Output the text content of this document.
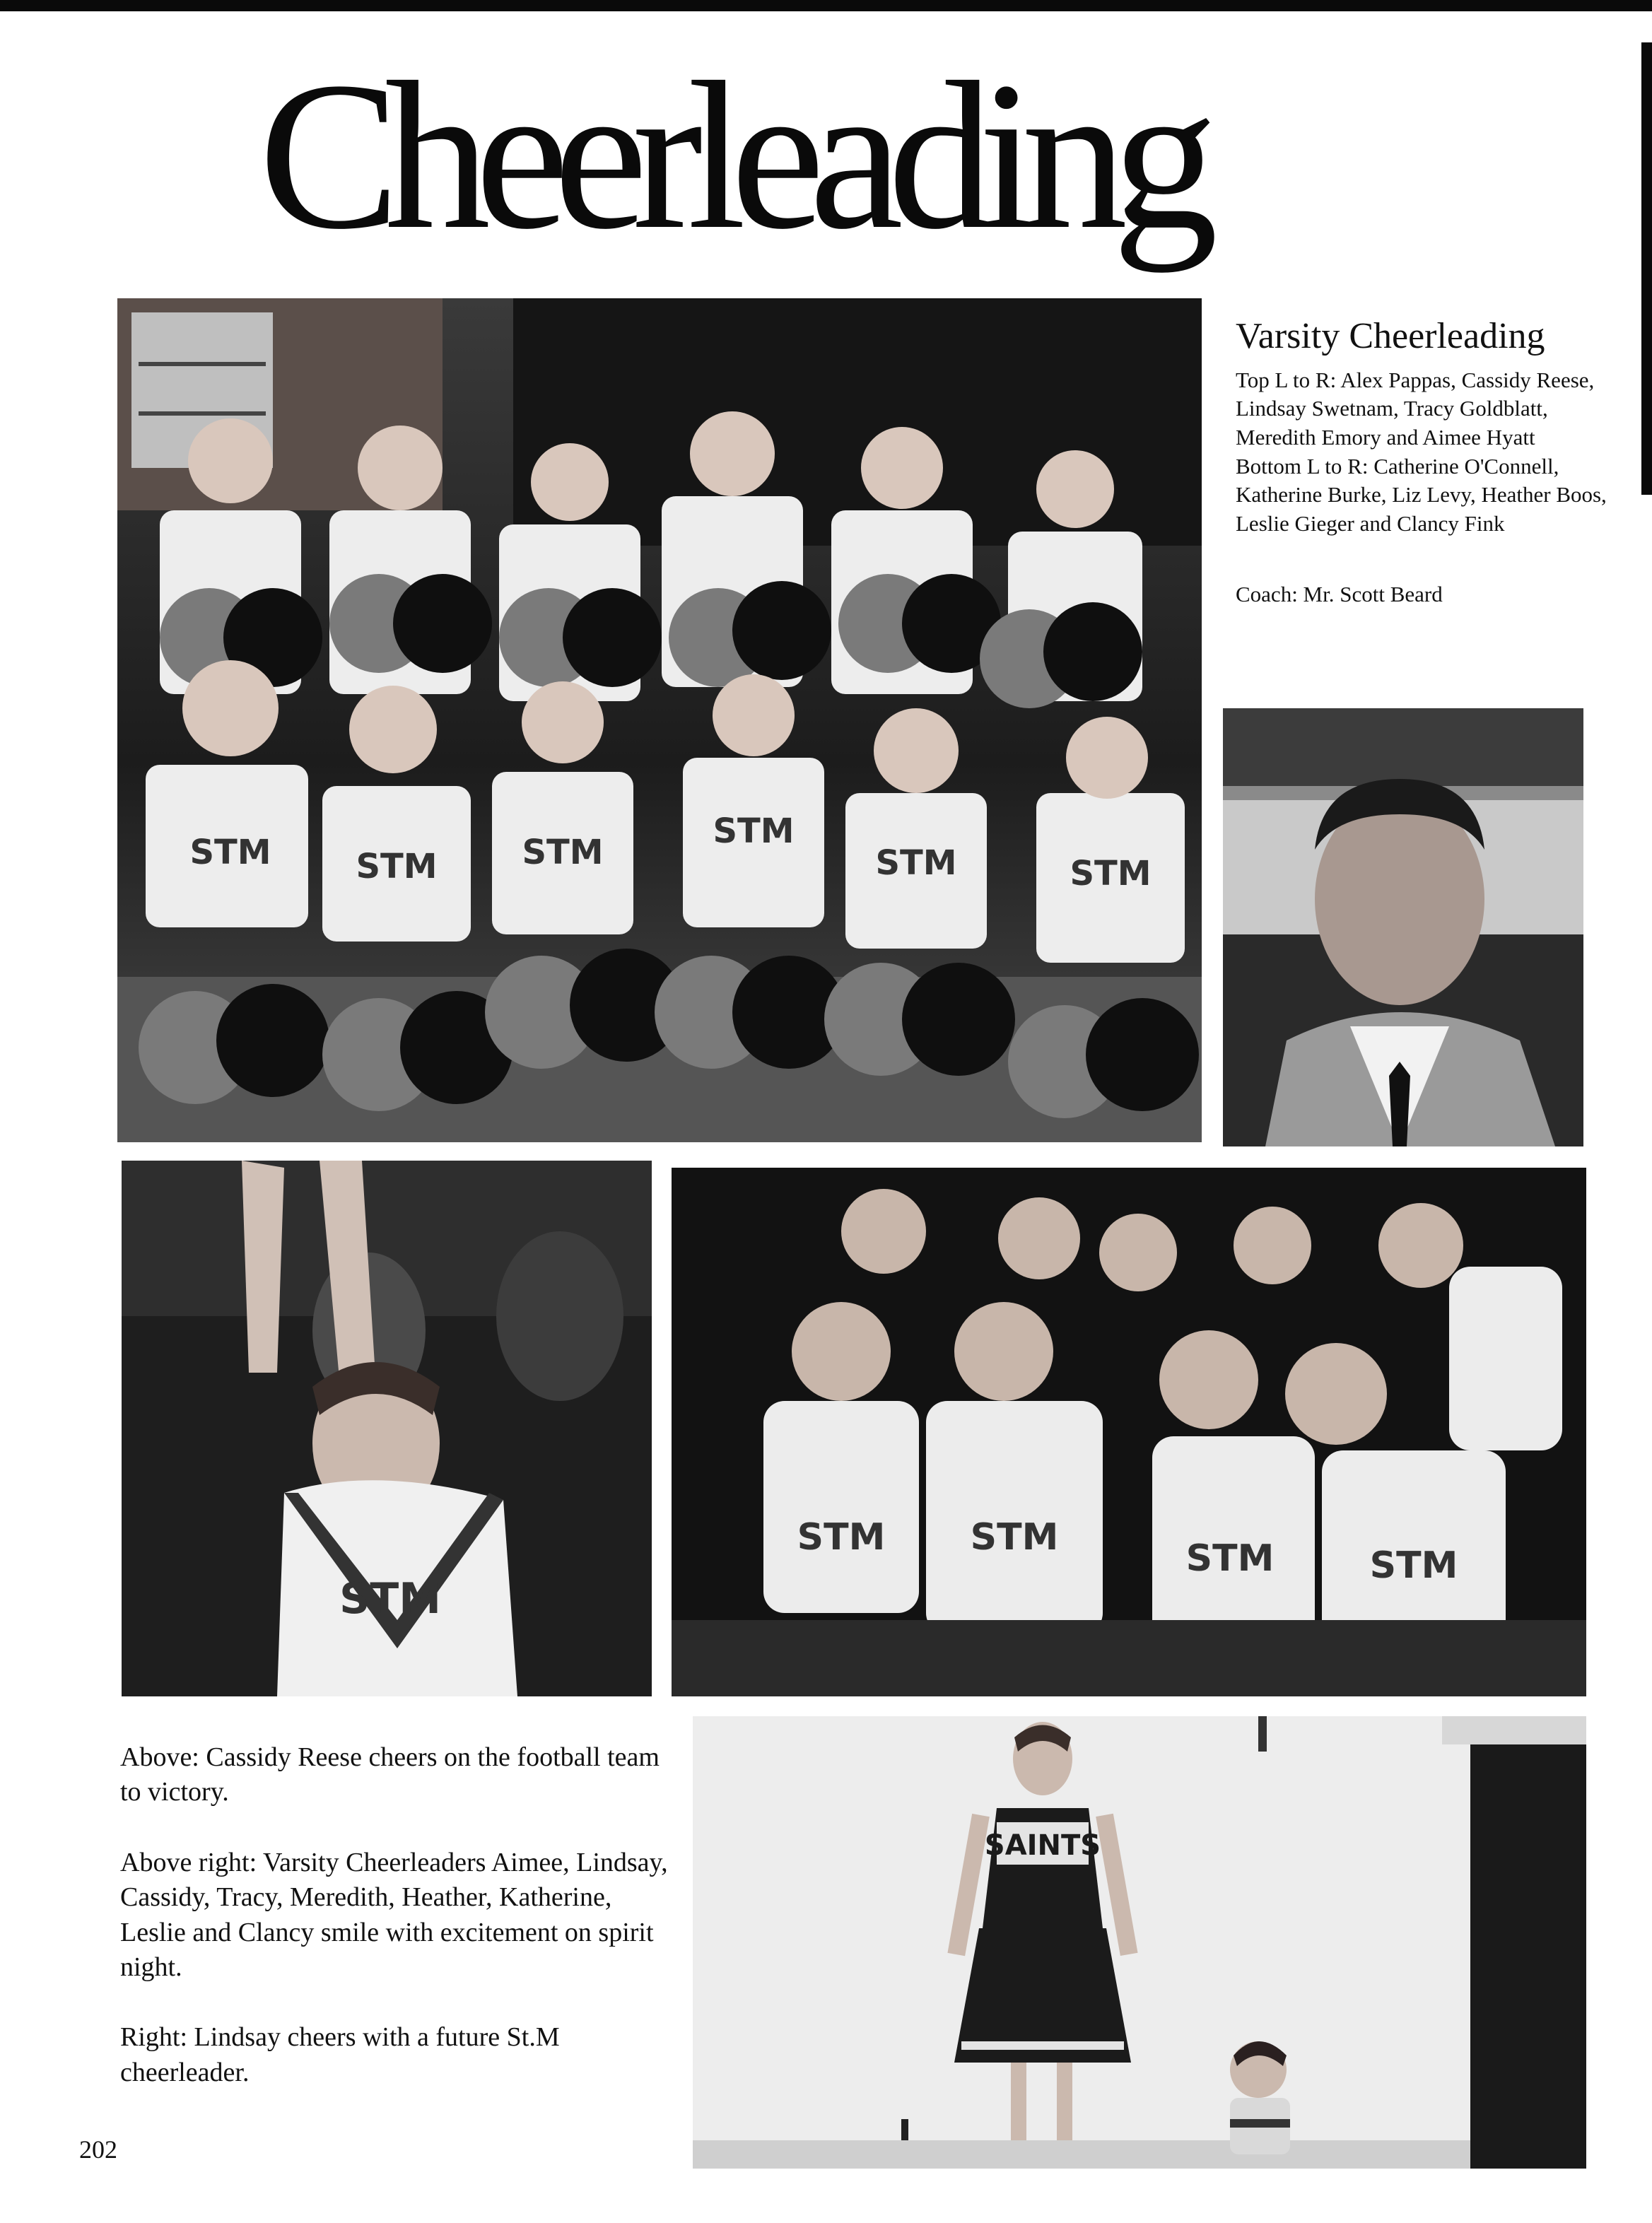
Cheerleading
STM STM STM
STM
STM	STM
Varsity Cheerleading

Top L to R: Alex Pappas, Cassidy Reese, Lindsay Swetnam, Tracy Goldblatt, Meredith Emory and Aimee Hyatt

Bottom L to R: Catherine O'Connell, Katherine Burke, Liz Levy, Heather Boos, Leslie Gieger and Clancy Fink

Coach: Mr. Scott Beard

STM
STM STM	STM	STM
SAINTS

Above: Cassidy Reese cheers on the football team to victory.

Above right: Varsity Cheerleaders Aimee, Lindsay, Cassidy, Tracy, Meredith, Heather, Katherine, Leslie and Clancy smile with excitement on spirit night.

Right: Lindsay cheers with a future St.M cheerleader.

202
